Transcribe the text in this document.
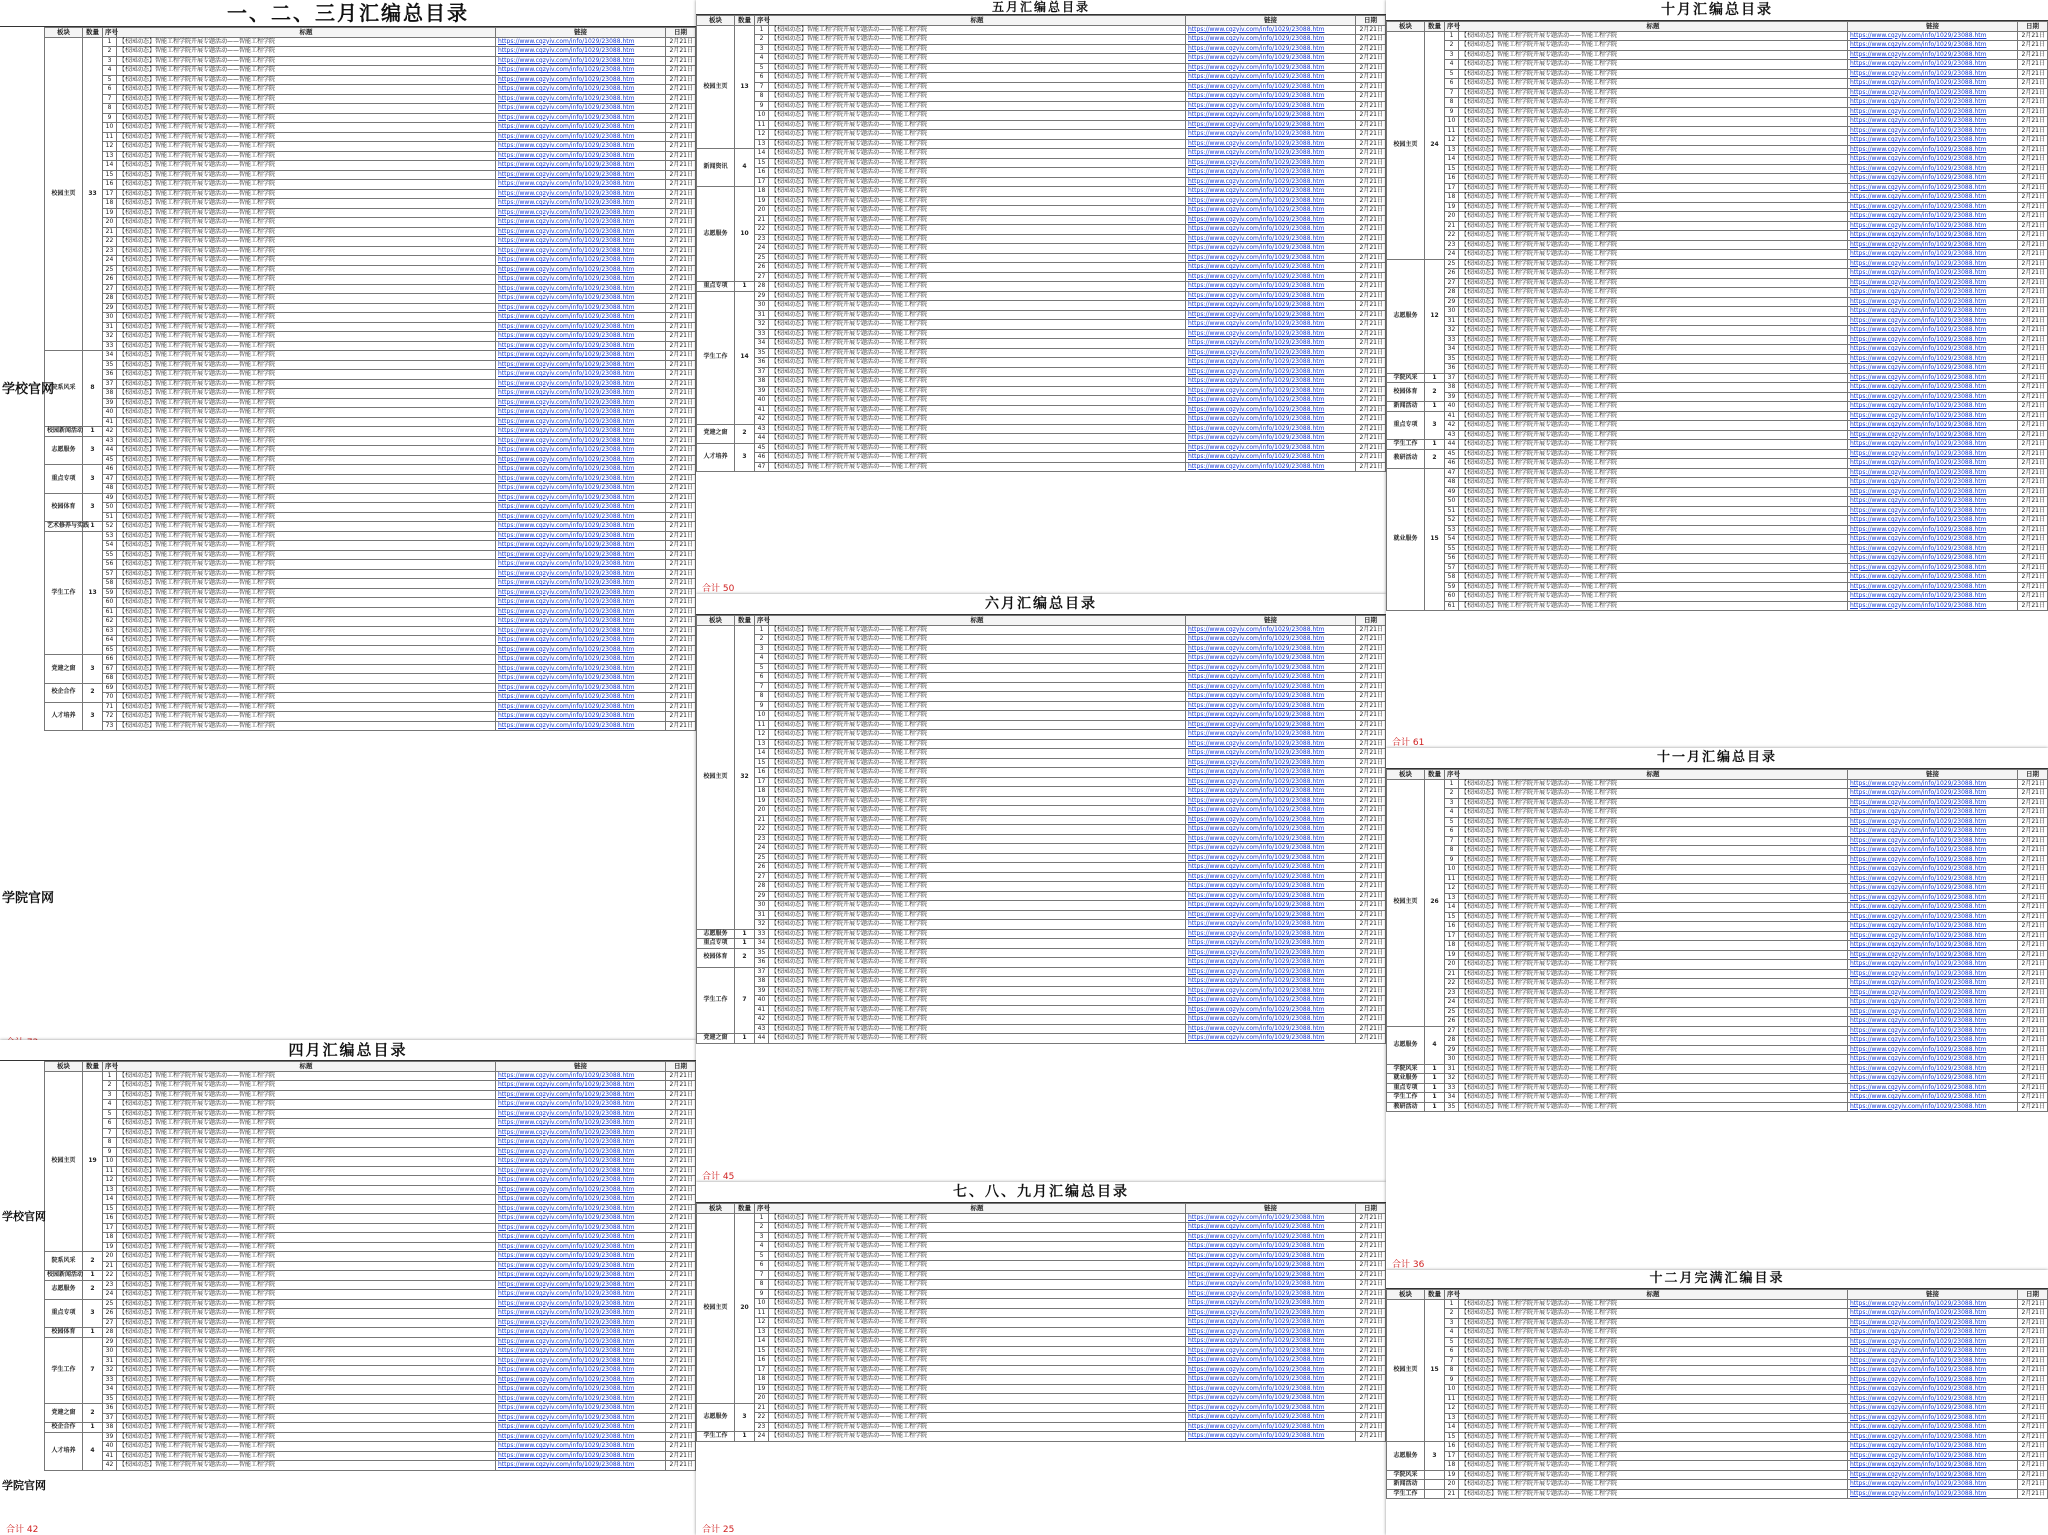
一、二、三月汇编总目录
板块	数量	序号	标题	链接	日期
校园主页	33	1	【校园动态】智能工程学院开展专题活动——智能工程学院	https://www.cqzyiv.com/info/1029/23088.htm	2月21日
		2	【校园动态】智能工程学院开展专题活动——智能工程学院	https://www.cqzyiv.com/info/1029/23088.htm	2月21日
		3	【校园动态】智能工程学院开展专题活动——智能工程学院	https://www.cqzyiv.com/info/1029/23088.htm	2月21日
		4	【校园动态】智能工程学院开展专题活动——智能工程学院	https://www.cqzyiv.com/info/1029/23088.htm	2月21日
		5	【校园动态】智能工程学院开展专题活动——智能工程学院	https://www.cqzyiv.com/info/1029/23088.htm	2月21日
		6	【校园动态】智能工程学院开展专题活动——智能工程学院	https://www.cqzyiv.com/info/1029/23088.htm	2月21日
		7	【校园动态】智能工程学院开展专题活动——智能工程学院	https://www.cqzyiv.com/info/1029/23088.htm	2月21日
		8	【校园动态】智能工程学院开展专题活动——智能工程学院	https://www.cqzyiv.com/info/1029/23088.htm	2月21日
		9	【校园动态】智能工程学院开展专题活动——智能工程学院	https://www.cqzyiv.com/info/1029/23088.htm	2月21日
		10	【校园动态】智能工程学院开展专题活动——智能工程学院	https://www.cqzyiv.com/info/1029/23088.htm	2月21日
		11	【校园动态】智能工程学院开展专题活动——智能工程学院	https://www.cqzyiv.com/info/1029/23088.htm	2月21日
		12	【校园动态】智能工程学院开展专题活动——智能工程学院	https://www.cqzyiv.com/info/1029/23088.htm	2月21日
		13	【校园动态】智能工程学院开展专题活动——智能工程学院	https://www.cqzyiv.com/info/1029/23088.htm	2月21日
		14	【校园动态】智能工程学院开展专题活动——智能工程学院	https://www.cqzyiv.com/info/1029/23088.htm	2月21日
		15	【校园动态】智能工程学院开展专题活动——智能工程学院	https://www.cqzyiv.com/info/1029/23088.htm	2月21日
		16	【校园动态】智能工程学院开展专题活动——智能工程学院	https://www.cqzyiv.com/info/1029/23088.htm	2月21日
		17	【校园动态】智能工程学院开展专题活动——智能工程学院	https://www.cqzyiv.com/info/1029/23088.htm	2月21日
		18	【校园动态】智能工程学院开展专题活动——智能工程学院	https://www.cqzyiv.com/info/1029/23088.htm	2月21日
		19	【校园动态】智能工程学院开展专题活动——智能工程学院	https://www.cqzyiv.com/info/1029/23088.htm	2月21日
		20	【校园动态】智能工程学院开展专题活动——智能工程学院	https://www.cqzyiv.com/info/1029/23088.htm	2月21日
		21	【校园动态】智能工程学院开展专题活动——智能工程学院	https://www.cqzyiv.com/info/1029/23088.htm	2月21日
		22	【校园动态】智能工程学院开展专题活动——智能工程学院	https://www.cqzyiv.com/info/1029/23088.htm	2月21日
		23	【校园动态】智能工程学院开展专题活动——智能工程学院	https://www.cqzyiv.com/info/1029/23088.htm	2月21日
		24	【校园动态】智能工程学院开展专题活动——智能工程学院	https://www.cqzyiv.com/info/1029/23088.htm	2月21日
		25	【校园动态】智能工程学院开展专题活动——智能工程学院	https://www.cqzyiv.com/info/1029/23088.htm	2月21日
		26	【校园动态】智能工程学院开展专题活动——智能工程学院	https://www.cqzyiv.com/info/1029/23088.htm	2月21日
		27	【校园动态】智能工程学院开展专题活动——智能工程学院	https://www.cqzyiv.com/info/1029/23088.htm	2月21日
		28	【校园动态】智能工程学院开展专题活动——智能工程学院	https://www.cqzyiv.com/info/1029/23088.htm	2月21日
		29	【校园动态】智能工程学院开展专题活动——智能工程学院	https://www.cqzyiv.com/info/1029/23088.htm	2月21日
		30	【校园动态】智能工程学院开展专题活动——智能工程学院	https://www.cqzyiv.com/info/1029/23088.htm	2月21日
		31	【校园动态】智能工程学院开展专题活动——智能工程学院	https://www.cqzyiv.com/info/1029/23088.htm	2月21日
		32	【校园动态】智能工程学院开展专题活动——智能工程学院	https://www.cqzyiv.com/info/1029/23088.htm	2月21日
		33	【校园动态】智能工程学院开展专题活动——智能工程学院	https://www.cqzyiv.com/info/1029/23088.htm	2月21日
院系风采	8	34	【校园动态】智能工程学院开展专题活动——智能工程学院	https://www.cqzyiv.com/info/1029/23088.htm	2月21日
		35	【校园动态】智能工程学院开展专题活动——智能工程学院	https://www.cqzyiv.com/info/1029/23088.htm	2月21日
		36	【校园动态】智能工程学院开展专题活动——智能工程学院	https://www.cqzyiv.com/info/1029/23088.htm	2月21日
		37	【校园动态】智能工程学院开展专题活动——智能工程学院	https://www.cqzyiv.com/info/1029/23088.htm	2月21日
		38	【校园动态】智能工程学院开展专题活动——智能工程学院	https://www.cqzyiv.com/info/1029/23088.htm	2月21日
		39	【校园动态】智能工程学院开展专题活动——智能工程学院	https://www.cqzyiv.com/info/1029/23088.htm	2月21日
		40	【校园动态】智能工程学院开展专题活动——智能工程学院	https://www.cqzyiv.com/info/1029/23088.htm	2月21日
		41	【校园动态】智能工程学院开展专题活动——智能工程学院	https://www.cqzyiv.com/info/1029/23088.htm	2月21日
校园新闻活动	1	42	【校园动态】智能工程学院开展专题活动——智能工程学院	https://www.cqzyiv.com/info/1029/23088.htm	2月21日
志愿服务	3	43	【校园动态】智能工程学院开展专题活动——智能工程学院	https://www.cqzyiv.com/info/1029/23088.htm	2月21日
		44	【校园动态】智能工程学院开展专题活动——智能工程学院	https://www.cqzyiv.com/info/1029/23088.htm	2月21日
		45	【校园动态】智能工程学院开展专题活动——智能工程学院	https://www.cqzyiv.com/info/1029/23088.htm	2月21日
重点专项	3	46	【校园动态】智能工程学院开展专题活动——智能工程学院	https://www.cqzyiv.com/info/1029/23088.htm	2月21日
		47	【校园动态】智能工程学院开展专题活动——智能工程学院	https://www.cqzyiv.com/info/1029/23088.htm	2月21日
		48	【校园动态】智能工程学院开展专题活动——智能工程学院	https://www.cqzyiv.com/info/1029/23088.htm	2月21日
校园体育	3	49	【校园动态】智能工程学院开展专题活动——智能工程学院	https://www.cqzyiv.com/info/1029/23088.htm	2月21日
		50	【校园动态】智能工程学院开展专题活动——智能工程学院	https://www.cqzyiv.com/info/1029/23088.htm	2月21日
		51	【校园动态】智能工程学院开展专题活动——智能工程学院	https://www.cqzyiv.com/info/1029/23088.htm	2月21日
艺术修养与实践	1	52	【校园动态】智能工程学院开展专题活动——智能工程学院	https://www.cqzyiv.com/info/1029/23088.htm	2月21日
学生工作	13	53	【校园动态】智能工程学院开展专题活动——智能工程学院	https://www.cqzyiv.com/info/1029/23088.htm	2月21日
		54	【校园动态】智能工程学院开展专题活动——智能工程学院	https://www.cqzyiv.com/info/1029/23088.htm	2月21日
		55	【校园动态】智能工程学院开展专题活动——智能工程学院	https://www.cqzyiv.com/info/1029/23088.htm	2月21日
		56	【校园动态】智能工程学院开展专题活动——智能工程学院	https://www.cqzyiv.com/info/1029/23088.htm	2月21日
		57	【校园动态】智能工程学院开展专题活动——智能工程学院	https://www.cqzyiv.com/info/1029/23088.htm	2月21日
		58	【校园动态】智能工程学院开展专题活动——智能工程学院	https://www.cqzyiv.com/info/1029/23088.htm	2月21日
		59	【校园动态】智能工程学院开展专题活动——智能工程学院	https://www.cqzyiv.com/info/1029/23088.htm	2月21日
		60	【校园动态】智能工程学院开展专题活动——智能工程学院	https://www.cqzyiv.com/info/1029/23088.htm	2月21日
		61	【校园动态】智能工程学院开展专题活动——智能工程学院	https://www.cqzyiv.com/info/1029/23088.htm	2月21日
		62	【校园动态】智能工程学院开展专题活动——智能工程学院	https://www.cqzyiv.com/info/1029/23088.htm	2月21日
		63	【校园动态】智能工程学院开展专题活动——智能工程学院	https://www.cqzyiv.com/info/1029/23088.htm	2月21日
		64	【校园动态】智能工程学院开展专题活动——智能工程学院	https://www.cqzyiv.com/info/1029/23088.htm	2月21日
		65	【校园动态】智能工程学院开展专题活动——智能工程学院	https://www.cqzyiv.com/info/1029/23088.htm	2月21日
党建之窗	3	66	【校园动态】智能工程学院开展专题活动——智能工程学院	https://www.cqzyiv.com/info/1029/23088.htm	2月21日
		67	【校园动态】智能工程学院开展专题活动——智能工程学院	https://www.cqzyiv.com/info/1029/23088.htm	2月21日
		68	【校园动态】智能工程学院开展专题活动——智能工程学院	https://www.cqzyiv.com/info/1029/23088.htm	2月21日
校企合作	2	69	【校园动态】智能工程学院开展专题活动——智能工程学院	https://www.cqzyiv.com/info/1029/23088.htm	2月21日
		70	【校园动态】智能工程学院开展专题活动——智能工程学院	https://www.cqzyiv.com/info/1029/23088.htm	2月21日
人才培养	3	71	【校园动态】智能工程学院开展专题活动——智能工程学院	https://www.cqzyiv.com/info/1029/23088.htm	2月21日
		72	【校园动态】智能工程学院开展专题活动——智能工程学院	https://www.cqzyiv.com/info/1029/23088.htm	2月21日
		73	【校园动态】智能工程学院开展专题活动——智能工程学院	https://www.cqzyiv.com/info/1029/23088.htm	2月21日
学校官网
学院官网
四月汇编总目录
板块	数量	序号	标题	链接	日期
校园主页	19	1	【校园动态】智能工程学院开展专题活动——智能工程学院	https://www.cqzyiv.com/info/1029/23088.htm	2月21日
		2	【校园动态】智能工程学院开展专题活动——智能工程学院	https://www.cqzyiv.com/info/1029/23088.htm	2月21日
		3	【校园动态】智能工程学院开展专题活动——智能工程学院	https://www.cqzyiv.com/info/1029/23088.htm	2月21日
		4	【校园动态】智能工程学院开展专题活动——智能工程学院	https://www.cqzyiv.com/info/1029/23088.htm	2月21日
		5	【校园动态】智能工程学院开展专题活动——智能工程学院	https://www.cqzyiv.com/info/1029/23088.htm	2月21日
		6	【校园动态】智能工程学院开展专题活动——智能工程学院	https://www.cqzyiv.com/info/1029/23088.htm	2月21日
		7	【校园动态】智能工程学院开展专题活动——智能工程学院	https://www.cqzyiv.com/info/1029/23088.htm	2月21日
		8	【校园动态】智能工程学院开展专题活动——智能工程学院	https://www.cqzyiv.com/info/1029/23088.htm	2月21日
		9	【校园动态】智能工程学院开展专题活动——智能工程学院	https://www.cqzyiv.com/info/1029/23088.htm	2月21日
		10	【校园动态】智能工程学院开展专题活动——智能工程学院	https://www.cqzyiv.com/info/1029/23088.htm	2月21日
		11	【校园动态】智能工程学院开展专题活动——智能工程学院	https://www.cqzyiv.com/info/1029/23088.htm	2月21日
		12	【校园动态】智能工程学院开展专题活动——智能工程学院	https://www.cqzyiv.com/info/1029/23088.htm	2月21日
		13	【校园动态】智能工程学院开展专题活动——智能工程学院	https://www.cqzyiv.com/info/1029/23088.htm	2月21日
		14	【校园动态】智能工程学院开展专题活动——智能工程学院	https://www.cqzyiv.com/info/1029/23088.htm	2月21日
		15	【校园动态】智能工程学院开展专题活动——智能工程学院	https://www.cqzyiv.com/info/1029/23088.htm	2月21日
		16	【校园动态】智能工程学院开展专题活动——智能工程学院	https://www.cqzyiv.com/info/1029/23088.htm	2月21日
		17	【校园动态】智能工程学院开展专题活动——智能工程学院	https://www.cqzyiv.com/info/1029/23088.htm	2月21日
		18	【校园动态】智能工程学院开展专题活动——智能工程学院	https://www.cqzyiv.com/info/1029/23088.htm	2月21日
		19	【校园动态】智能工程学院开展专题活动——智能工程学院	https://www.cqzyiv.com/info/1029/23088.htm	2月21日
院系风采	2	20	【校园动态】智能工程学院开展专题活动——智能工程学院	https://www.cqzyiv.com/info/1029/23088.htm	2月21日
		21	【校园动态】智能工程学院开展专题活动——智能工程学院	https://www.cqzyiv.com/info/1029/23088.htm	2月21日
校园新闻活动	1	22	【校园动态】智能工程学院开展专题活动——智能工程学院	https://www.cqzyiv.com/info/1029/23088.htm	2月21日
志愿服务	2	23	【校园动态】智能工程学院开展专题活动——智能工程学院	https://www.cqzyiv.com/info/1029/23088.htm	2月21日
		24	【校园动态】智能工程学院开展专题活动——智能工程学院	https://www.cqzyiv.com/info/1029/23088.htm	2月21日
重点专项	3	25	【校园动态】智能工程学院开展专题活动——智能工程学院	https://www.cqzyiv.com/info/1029/23088.htm	2月21日
		26	【校园动态】智能工程学院开展专题活动——智能工程学院	https://www.cqzyiv.com/info/1029/23088.htm	2月21日
		27	【校园动态】智能工程学院开展专题活动——智能工程学院	https://www.cqzyiv.com/info/1029/23088.htm	2月21日
校园体育	1	28	【校园动态】智能工程学院开展专题活动——智能工程学院	https://www.cqzyiv.com/info/1029/23088.htm	2月21日
学生工作	7	29	【校园动态】智能工程学院开展专题活动——智能工程学院	https://www.cqzyiv.com/info/1029/23088.htm	2月21日
		30	【校园动态】智能工程学院开展专题活动——智能工程学院	https://www.cqzyiv.com/info/1029/23088.htm	2月21日
		31	【校园动态】智能工程学院开展专题活动——智能工程学院	https://www.cqzyiv.com/info/1029/23088.htm	2月21日
		32	【校园动态】智能工程学院开展专题活动——智能工程学院	https://www.cqzyiv.com/info/1029/23088.htm	2月21日
		33	【校园动态】智能工程学院开展专题活动——智能工程学院	https://www.cqzyiv.com/info/1029/23088.htm	2月21日
		34	【校园动态】智能工程学院开展专题活动——智能工程学院	https://www.cqzyiv.com/info/1029/23088.htm	2月21日
		35	【校园动态】智能工程学院开展专题活动——智能工程学院	https://www.cqzyiv.com/info/1029/23088.htm	2月21日
党建之窗	2	36	【校园动态】智能工程学院开展专题活动——智能工程学院	https://www.cqzyiv.com/info/1029/23088.htm	2月21日
		37	【校园动态】智能工程学院开展专题活动——智能工程学院	https://www.cqzyiv.com/info/1029/23088.htm	2月21日
校企合作	1	38	【校园动态】智能工程学院开展专题活动——智能工程学院	https://www.cqzyiv.com/info/1029/23088.htm	2月21日
人才培养	4	39	【校园动态】智能工程学院开展专题活动——智能工程学院	https://www.cqzyiv.com/info/1029/23088.htm	2月21日
		40	【校园动态】智能工程学院开展专题活动——智能工程学院	https://www.cqzyiv.com/info/1029/23088.htm	2月21日
		41	【校园动态】智能工程学院开展专题活动——智能工程学院	https://www.cqzyiv.com/info/1029/23088.htm	2月21日
		42	【校园动态】智能工程学院开展专题活动——智能工程学院	https://www.cqzyiv.com/info/1029/23088.htm	2月21日
学校官网
学院官网
合计 42
五月汇编总目录
板块	数量	序号	标题	链接	日期
校园主页	13	1	【校园动态】智能工程学院开展专题活动——智能工程学院	https://www.cqzyiv.com/info/1029/23088.htm	2月21日
		2	【校园动态】智能工程学院开展专题活动——智能工程学院	https://www.cqzyiv.com/info/1029/23088.htm	2月21日
		3	【校园动态】智能工程学院开展专题活动——智能工程学院	https://www.cqzyiv.com/info/1029/23088.htm	2月21日
		4	【校园动态】智能工程学院开展专题活动——智能工程学院	https://www.cqzyiv.com/info/1029/23088.htm	2月21日
		5	【校园动态】智能工程学院开展专题活动——智能工程学院	https://www.cqzyiv.com/info/1029/23088.htm	2月21日
		6	【校园动态】智能工程学院开展专题活动——智能工程学院	https://www.cqzyiv.com/info/1029/23088.htm	2月21日
		7	【校园动态】智能工程学院开展专题活动——智能工程学院	https://www.cqzyiv.com/info/1029/23088.htm	2月21日
		8	【校园动态】智能工程学院开展专题活动——智能工程学院	https://www.cqzyiv.com/info/1029/23088.htm	2月21日
		9	【校园动态】智能工程学院开展专题活动——智能工程学院	https://www.cqzyiv.com/info/1029/23088.htm	2月21日
		10	【校园动态】智能工程学院开展专题活动——智能工程学院	https://www.cqzyiv.com/info/1029/23088.htm	2月21日
		11	【校园动态】智能工程学院开展专题活动——智能工程学院	https://www.cqzyiv.com/info/1029/23088.htm	2月21日
		12	【校园动态】智能工程学院开展专题活动——智能工程学院	https://www.cqzyiv.com/info/1029/23088.htm	2月21日
		13	【校园动态】智能工程学院开展专题活动——智能工程学院	https://www.cqzyiv.com/info/1029/23088.htm	2月21日
新闻资讯	4	14	【校园动态】智能工程学院开展专题活动——智能工程学院	https://www.cqzyiv.com/info/1029/23088.htm	2月21日
		15	【校园动态】智能工程学院开展专题活动——智能工程学院	https://www.cqzyiv.com/info/1029/23088.htm	2月21日
		16	【校园动态】智能工程学院开展专题活动——智能工程学院	https://www.cqzyiv.com/info/1029/23088.htm	2月21日
		17	【校园动态】智能工程学院开展专题活动——智能工程学院	https://www.cqzyiv.com/info/1029/23088.htm	2月21日
志愿服务	10	18	【校园动态】智能工程学院开展专题活动——智能工程学院	https://www.cqzyiv.com/info/1029/23088.htm	2月21日
		19	【校园动态】智能工程学院开展专题活动——智能工程学院	https://www.cqzyiv.com/info/1029/23088.htm	2月21日
		20	【校园动态】智能工程学院开展专题活动——智能工程学院	https://www.cqzyiv.com/info/1029/23088.htm	2月21日
		21	【校园动态】智能工程学院开展专题活动——智能工程学院	https://www.cqzyiv.com/info/1029/23088.htm	2月21日
		22	【校园动态】智能工程学院开展专题活动——智能工程学院	https://www.cqzyiv.com/info/1029/23088.htm	2月21日
		23	【校园动态】智能工程学院开展专题活动——智能工程学院	https://www.cqzyiv.com/info/1029/23088.htm	2月21日
		24	【校园动态】智能工程学院开展专题活动——智能工程学院	https://www.cqzyiv.com/info/1029/23088.htm	2月21日
		25	【校园动态】智能工程学院开展专题活动——智能工程学院	https://www.cqzyiv.com/info/1029/23088.htm	2月21日
		26	【校园动态】智能工程学院开展专题活动——智能工程学院	https://www.cqzyiv.com/info/1029/23088.htm	2月21日
		27	【校园动态】智能工程学院开展专题活动——智能工程学院	https://www.cqzyiv.com/info/1029/23088.htm	2月21日
重点专项	1	28	【校园动态】智能工程学院开展专题活动——智能工程学院	https://www.cqzyiv.com/info/1029/23088.htm	2月21日
学生工作	14	29	【校园动态】智能工程学院开展专题活动——智能工程学院	https://www.cqzyiv.com/info/1029/23088.htm	2月21日
		30	【校园动态】智能工程学院开展专题活动——智能工程学院	https://www.cqzyiv.com/info/1029/23088.htm	2月21日
		31	【校园动态】智能工程学院开展专题活动——智能工程学院	https://www.cqzyiv.com/info/1029/23088.htm	2月21日
		32	【校园动态】智能工程学院开展专题活动——智能工程学院	https://www.cqzyiv.com/info/1029/23088.htm	2月21日
		33	【校园动态】智能工程学院开展专题活动——智能工程学院	https://www.cqzyiv.com/info/1029/23088.htm	2月21日
		34	【校园动态】智能工程学院开展专题活动——智能工程学院	https://www.cqzyiv.com/info/1029/23088.htm	2月21日
		35	【校园动态】智能工程学院开展专题活动——智能工程学院	https://www.cqzyiv.com/info/1029/23088.htm	2月21日
		36	【校园动态】智能工程学院开展专题活动——智能工程学院	https://www.cqzyiv.com/info/1029/23088.htm	2月21日
		37	【校园动态】智能工程学院开展专题活动——智能工程学院	https://www.cqzyiv.com/info/1029/23088.htm	2月21日
		38	【校园动态】智能工程学院开展专题活动——智能工程学院	https://www.cqzyiv.com/info/1029/23088.htm	2月21日
		39	【校园动态】智能工程学院开展专题活动——智能工程学院	https://www.cqzyiv.com/info/1029/23088.htm	2月21日
		40	【校园动态】智能工程学院开展专题活动——智能工程学院	https://www.cqzyiv.com/info/1029/23088.htm	2月21日
		41	【校园动态】智能工程学院开展专题活动——智能工程学院	https://www.cqzyiv.com/info/1029/23088.htm	2月21日
		42	【校园动态】智能工程学院开展专题活动——智能工程学院	https://www.cqzyiv.com/info/1029/23088.htm	2月21日
党建之窗	2	43	【校园动态】智能工程学院开展专题活动——智能工程学院	https://www.cqzyiv.com/info/1029/23088.htm	2月21日
		44	【校园动态】智能工程学院开展专题活动——智能工程学院	https://www.cqzyiv.com/info/1029/23088.htm	2月21日
人才培养	3	45	【校园动态】智能工程学院开展专题活动——智能工程学院	https://www.cqzyiv.com/info/1029/23088.htm	2月21日
		46	【校园动态】智能工程学院开展专题活动——智能工程学院	https://www.cqzyiv.com/info/1029/23088.htm	2月21日
		47	【校园动态】智能工程学院开展专题活动——智能工程学院	https://www.cqzyiv.com/info/1029/23088.htm	2月21日
合计 50
六月汇编总目录
板块	数量	序号	标题	链接	日期
校园主页	32	1	【校园动态】智能工程学院开展专题活动——智能工程学院	https://www.cqzyiv.com/info/1029/23088.htm	2月21日
		2	【校园动态】智能工程学院开展专题活动——智能工程学院	https://www.cqzyiv.com/info/1029/23088.htm	2月21日
		3	【校园动态】智能工程学院开展专题活动——智能工程学院	https://www.cqzyiv.com/info/1029/23088.htm	2月21日
		4	【校园动态】智能工程学院开展专题活动——智能工程学院	https://www.cqzyiv.com/info/1029/23088.htm	2月21日
		5	【校园动态】智能工程学院开展专题活动——智能工程学院	https://www.cqzyiv.com/info/1029/23088.htm	2月21日
		6	【校园动态】智能工程学院开展专题活动——智能工程学院	https://www.cqzyiv.com/info/1029/23088.htm	2月21日
		7	【校园动态】智能工程学院开展专题活动——智能工程学院	https://www.cqzyiv.com/info/1029/23088.htm	2月21日
		8	【校园动态】智能工程学院开展专题活动——智能工程学院	https://www.cqzyiv.com/info/1029/23088.htm	2月21日
		9	【校园动态】智能工程学院开展专题活动——智能工程学院	https://www.cqzyiv.com/info/1029/23088.htm	2月21日
		10	【校园动态】智能工程学院开展专题活动——智能工程学院	https://www.cqzyiv.com/info/1029/23088.htm	2月21日
		11	【校园动态】智能工程学院开展专题活动——智能工程学院	https://www.cqzyiv.com/info/1029/23088.htm	2月21日
		12	【校园动态】智能工程学院开展专题活动——智能工程学院	https://www.cqzyiv.com/info/1029/23088.htm	2月21日
		13	【校园动态】智能工程学院开展专题活动——智能工程学院	https://www.cqzyiv.com/info/1029/23088.htm	2月21日
		14	【校园动态】智能工程学院开展专题活动——智能工程学院	https://www.cqzyiv.com/info/1029/23088.htm	2月21日
		15	【校园动态】智能工程学院开展专题活动——智能工程学院	https://www.cqzyiv.com/info/1029/23088.htm	2月21日
		16	【校园动态】智能工程学院开展专题活动——智能工程学院	https://www.cqzyiv.com/info/1029/23088.htm	2月21日
		17	【校园动态】智能工程学院开展专题活动——智能工程学院	https://www.cqzyiv.com/info/1029/23088.htm	2月21日
		18	【校园动态】智能工程学院开展专题活动——智能工程学院	https://www.cqzyiv.com/info/1029/23088.htm	2月21日
		19	【校园动态】智能工程学院开展专题活动——智能工程学院	https://www.cqzyiv.com/info/1029/23088.htm	2月21日
		20	【校园动态】智能工程学院开展专题活动——智能工程学院	https://www.cqzyiv.com/info/1029/23088.htm	2月21日
		21	【校园动态】智能工程学院开展专题活动——智能工程学院	https://www.cqzyiv.com/info/1029/23088.htm	2月21日
		22	【校园动态】智能工程学院开展专题活动——智能工程学院	https://www.cqzyiv.com/info/1029/23088.htm	2月21日
		23	【校园动态】智能工程学院开展专题活动——智能工程学院	https://www.cqzyiv.com/info/1029/23088.htm	2月21日
		24	【校园动态】智能工程学院开展专题活动——智能工程学院	https://www.cqzyiv.com/info/1029/23088.htm	2月21日
		25	【校园动态】智能工程学院开展专题活动——智能工程学院	https://www.cqzyiv.com/info/1029/23088.htm	2月21日
		26	【校园动态】智能工程学院开展专题活动——智能工程学院	https://www.cqzyiv.com/info/1029/23088.htm	2月21日
		27	【校园动态】智能工程学院开展专题活动——智能工程学院	https://www.cqzyiv.com/info/1029/23088.htm	2月21日
		28	【校园动态】智能工程学院开展专题活动——智能工程学院	https://www.cqzyiv.com/info/1029/23088.htm	2月21日
		29	【校园动态】智能工程学院开展专题活动——智能工程学院	https://www.cqzyiv.com/info/1029/23088.htm	2月21日
		30	【校园动态】智能工程学院开展专题活动——智能工程学院	https://www.cqzyiv.com/info/1029/23088.htm	2月21日
		31	【校园动态】智能工程学院开展专题活动——智能工程学院	https://www.cqzyiv.com/info/1029/23088.htm	2月21日
		32	【校园动态】智能工程学院开展专题活动——智能工程学院	https://www.cqzyiv.com/info/1029/23088.htm	2月21日
志愿服务	1	33	【校园动态】智能工程学院开展专题活动——智能工程学院	https://www.cqzyiv.com/info/1029/23088.htm	2月21日
重点专项	1	34	【校园动态】智能工程学院开展专题活动——智能工程学院	https://www.cqzyiv.com/info/1029/23088.htm	2月21日
校园体育	2	35	【校园动态】智能工程学院开展专题活动——智能工程学院	https://www.cqzyiv.com/info/1029/23088.htm	2月21日
		36	【校园动态】智能工程学院开展专题活动——智能工程学院	https://www.cqzyiv.com/info/1029/23088.htm	2月21日
学生工作	7	37	【校园动态】智能工程学院开展专题活动——智能工程学院	https://www.cqzyiv.com/info/1029/23088.htm	2月21日
		38	【校园动态】智能工程学院开展专题活动——智能工程学院	https://www.cqzyiv.com/info/1029/23088.htm	2月21日
		39	【校园动态】智能工程学院开展专题活动——智能工程学院	https://www.cqzyiv.com/info/1029/23088.htm	2月21日
		40	【校园动态】智能工程学院开展专题活动——智能工程学院	https://www.cqzyiv.com/info/1029/23088.htm	2月21日
		41	【校园动态】智能工程学院开展专题活动——智能工程学院	https://www.cqzyiv.com/info/1029/23088.htm	2月21日
		42	【校园动态】智能工程学院开展专题活动——智能工程学院	https://www.cqzyiv.com/info/1029/23088.htm	2月21日
		43	【校园动态】智能工程学院开展专题活动——智能工程学院	https://www.cqzyiv.com/info/1029/23088.htm	2月21日
党建之窗	1	44	【校园动态】智能工程学院开展专题活动——智能工程学院	https://www.cqzyiv.com/info/1029/23088.htm	2月21日
合计 45
七、八、九月汇编总目录
板块	数量	序号	标题	链接	日期
校园主页	20	1	【校园动态】智能工程学院开展专题活动——智能工程学院	https://www.cqzyiv.com/info/1029/23088.htm	2月21日
		2	【校园动态】智能工程学院开展专题活动——智能工程学院	https://www.cqzyiv.com/info/1029/23088.htm	2月21日
		3	【校园动态】智能工程学院开展专题活动——智能工程学院	https://www.cqzyiv.com/info/1029/23088.htm	2月21日
		4	【校园动态】智能工程学院开展专题活动——智能工程学院	https://www.cqzyiv.com/info/1029/23088.htm	2月21日
		5	【校园动态】智能工程学院开展专题活动——智能工程学院	https://www.cqzyiv.com/info/1029/23088.htm	2月21日
		6	【校园动态】智能工程学院开展专题活动——智能工程学院	https://www.cqzyiv.com/info/1029/23088.htm	2月21日
		7	【校园动态】智能工程学院开展专题活动——智能工程学院	https://www.cqzyiv.com/info/1029/23088.htm	2月21日
		8	【校园动态】智能工程学院开展专题活动——智能工程学院	https://www.cqzyiv.com/info/1029/23088.htm	2月21日
		9	【校园动态】智能工程学院开展专题活动——智能工程学院	https://www.cqzyiv.com/info/1029/23088.htm	2月21日
		10	【校园动态】智能工程学院开展专题活动——智能工程学院	https://www.cqzyiv.com/info/1029/23088.htm	2月21日
		11	【校园动态】智能工程学院开展专题活动——智能工程学院	https://www.cqzyiv.com/info/1029/23088.htm	2月21日
		12	【校园动态】智能工程学院开展专题活动——智能工程学院	https://www.cqzyiv.com/info/1029/23088.htm	2月21日
		13	【校园动态】智能工程学院开展专题活动——智能工程学院	https://www.cqzyiv.com/info/1029/23088.htm	2月21日
		14	【校园动态】智能工程学院开展专题活动——智能工程学院	https://www.cqzyiv.com/info/1029/23088.htm	2月21日
		15	【校园动态】智能工程学院开展专题活动——智能工程学院	https://www.cqzyiv.com/info/1029/23088.htm	2月21日
		16	【校园动态】智能工程学院开展专题活动——智能工程学院	https://www.cqzyiv.com/info/1029/23088.htm	2月21日
		17	【校园动态】智能工程学院开展专题活动——智能工程学院	https://www.cqzyiv.com/info/1029/23088.htm	2月21日
		18	【校园动态】智能工程学院开展专题活动——智能工程学院	https://www.cqzyiv.com/info/1029/23088.htm	2月21日
		19	【校园动态】智能工程学院开展专题活动——智能工程学院	https://www.cqzyiv.com/info/1029/23088.htm	2月21日
		20	【校园动态】智能工程学院开展专题活动——智能工程学院	https://www.cqzyiv.com/info/1029/23088.htm	2月21日
志愿服务	3	21	【校园动态】智能工程学院开展专题活动——智能工程学院	https://www.cqzyiv.com/info/1029/23088.htm	2月21日
		22	【校园动态】智能工程学院开展专题活动——智能工程学院	https://www.cqzyiv.com/info/1029/23088.htm	2月21日
		23	【校园动态】智能工程学院开展专题活动——智能工程学院	https://www.cqzyiv.com/info/1029/23088.htm	2月21日
学生工作	1	24	【校园动态】智能工程学院开展专题活动——智能工程学院	https://www.cqzyiv.com/info/1029/23088.htm	2月21日
合计 25
十月汇编总目录
板块	数量	序号	标题	链接	日期
校园主页	24	1	【校园动态】智能工程学院开展专题活动——智能工程学院	https://www.cqzyiv.com/info/1029/23088.htm	2月21日
		2	【校园动态】智能工程学院开展专题活动——智能工程学院	https://www.cqzyiv.com/info/1029/23088.htm	2月21日
		3	【校园动态】智能工程学院开展专题活动——智能工程学院	https://www.cqzyiv.com/info/1029/23088.htm	2月21日
		4	【校园动态】智能工程学院开展专题活动——智能工程学院	https://www.cqzyiv.com/info/1029/23088.htm	2月21日
		5	【校园动态】智能工程学院开展专题活动——智能工程学院	https://www.cqzyiv.com/info/1029/23088.htm	2月21日
		6	【校园动态】智能工程学院开展专题活动——智能工程学院	https://www.cqzyiv.com/info/1029/23088.htm	2月21日
		7	【校园动态】智能工程学院开展专题活动——智能工程学院	https://www.cqzyiv.com/info/1029/23088.htm	2月21日
		8	【校园动态】智能工程学院开展专题活动——智能工程学院	https://www.cqzyiv.com/info/1029/23088.htm	2月21日
		9	【校园动态】智能工程学院开展专题活动——智能工程学院	https://www.cqzyiv.com/info/1029/23088.htm	2月21日
		10	【校园动态】智能工程学院开展专题活动——智能工程学院	https://www.cqzyiv.com/info/1029/23088.htm	2月21日
		11	【校园动态】智能工程学院开展专题活动——智能工程学院	https://www.cqzyiv.com/info/1029/23088.htm	2月21日
		12	【校园动态】智能工程学院开展专题活动——智能工程学院	https://www.cqzyiv.com/info/1029/23088.htm	2月21日
		13	【校园动态】智能工程学院开展专题活动——智能工程学院	https://www.cqzyiv.com/info/1029/23088.htm	2月21日
		14	【校园动态】智能工程学院开展专题活动——智能工程学院	https://www.cqzyiv.com/info/1029/23088.htm	2月21日
		15	【校园动态】智能工程学院开展专题活动——智能工程学院	https://www.cqzyiv.com/info/1029/23088.htm	2月21日
		16	【校园动态】智能工程学院开展专题活动——智能工程学院	https://www.cqzyiv.com/info/1029/23088.htm	2月21日
		17	【校园动态】智能工程学院开展专题活动——智能工程学院	https://www.cqzyiv.com/info/1029/23088.htm	2月21日
		18	【校园动态】智能工程学院开展专题活动——智能工程学院	https://www.cqzyiv.com/info/1029/23088.htm	2月21日
		19	【校园动态】智能工程学院开展专题活动——智能工程学院	https://www.cqzyiv.com/info/1029/23088.htm	2月21日
		20	【校园动态】智能工程学院开展专题活动——智能工程学院	https://www.cqzyiv.com/info/1029/23088.htm	2月21日
		21	【校园动态】智能工程学院开展专题活动——智能工程学院	https://www.cqzyiv.com/info/1029/23088.htm	2月21日
		22	【校园动态】智能工程学院开展专题活动——智能工程学院	https://www.cqzyiv.com/info/1029/23088.htm	2月21日
		23	【校园动态】智能工程学院开展专题活动——智能工程学院	https://www.cqzyiv.com/info/1029/23088.htm	2月21日
		24	【校园动态】智能工程学院开展专题活动——智能工程学院	https://www.cqzyiv.com/info/1029/23088.htm	2月21日
志愿服务	12	25	【校园动态】智能工程学院开展专题活动——智能工程学院	https://www.cqzyiv.com/info/1029/23088.htm	2月21日
		26	【校园动态】智能工程学院开展专题活动——智能工程学院	https://www.cqzyiv.com/info/1029/23088.htm	2月21日
		27	【校园动态】智能工程学院开展专题活动——智能工程学院	https://www.cqzyiv.com/info/1029/23088.htm	2月21日
		28	【校园动态】智能工程学院开展专题活动——智能工程学院	https://www.cqzyiv.com/info/1029/23088.htm	2月21日
		29	【校园动态】智能工程学院开展专题活动——智能工程学院	https://www.cqzyiv.com/info/1029/23088.htm	2月21日
		30	【校园动态】智能工程学院开展专题活动——智能工程学院	https://www.cqzyiv.com/info/1029/23088.htm	2月21日
		31	【校园动态】智能工程学院开展专题活动——智能工程学院	https://www.cqzyiv.com/info/1029/23088.htm	2月21日
		32	【校园动态】智能工程学院开展专题活动——智能工程学院	https://www.cqzyiv.com/info/1029/23088.htm	2月21日
		33	【校园动态】智能工程学院开展专题活动——智能工程学院	https://www.cqzyiv.com/info/1029/23088.htm	2月21日
		34	【校园动态】智能工程学院开展专题活动——智能工程学院	https://www.cqzyiv.com/info/1029/23088.htm	2月21日
		35	【校园动态】智能工程学院开展专题活动——智能工程学院	https://www.cqzyiv.com/info/1029/23088.htm	2月21日
		36	【校园动态】智能工程学院开展专题活动——智能工程学院	https://www.cqzyiv.com/info/1029/23088.htm	2月21日
学院风采	1	37	【校园动态】智能工程学院开展专题活动——智能工程学院	https://www.cqzyiv.com/info/1029/23088.htm	2月21日
校园体育	2	38	【校园动态】智能工程学院开展专题活动——智能工程学院	https://www.cqzyiv.com/info/1029/23088.htm	2月21日
		39	【校园动态】智能工程学院开展专题活动——智能工程学院	https://www.cqzyiv.com/info/1029/23088.htm	2月21日
新闻活动	1	40	【校园动态】智能工程学院开展专题活动——智能工程学院	https://www.cqzyiv.com/info/1029/23088.htm	2月21日
重点专项	3	41	【校园动态】智能工程学院开展专题活动——智能工程学院	https://www.cqzyiv.com/info/1029/23088.htm	2月21日
		42	【校园动态】智能工程学院开展专题活动——智能工程学院	https://www.cqzyiv.com/info/1029/23088.htm	2月21日
		43	【校园动态】智能工程学院开展专题活动——智能工程学院	https://www.cqzyiv.com/info/1029/23088.htm	2月21日
学生工作	1	44	【校园动态】智能工程学院开展专题活动——智能工程学院	https://www.cqzyiv.com/info/1029/23088.htm	2月21日
教研活动	2	45	【校园动态】智能工程学院开展专题活动——智能工程学院	https://www.cqzyiv.com/info/1029/23088.htm	2月21日
		46	【校园动态】智能工程学院开展专题活动——智能工程学院	https://www.cqzyiv.com/info/1029/23088.htm	2月21日
就业服务	15	47	【校园动态】智能工程学院开展专题活动——智能工程学院	https://www.cqzyiv.com/info/1029/23088.htm	2月21日
		48	【校园动态】智能工程学院开展专题活动——智能工程学院	https://www.cqzyiv.com/info/1029/23088.htm	2月21日
		49	【校园动态】智能工程学院开展专题活动——智能工程学院	https://www.cqzyiv.com/info/1029/23088.htm	2月21日
		50	【校园动态】智能工程学院开展专题活动——智能工程学院	https://www.cqzyiv.com/info/1029/23088.htm	2月21日
		51	【校园动态】智能工程学院开展专题活动——智能工程学院	https://www.cqzyiv.com/info/1029/23088.htm	2月21日
		52	【校园动态】智能工程学院开展专题活动——智能工程学院	https://www.cqzyiv.com/info/1029/23088.htm	2月21日
		53	【校园动态】智能工程学院开展专题活动——智能工程学院	https://www.cqzyiv.com/info/1029/23088.htm	2月21日
		54	【校园动态】智能工程学院开展专题活动——智能工程学院	https://www.cqzyiv.com/info/1029/23088.htm	2月21日
		55	【校园动态】智能工程学院开展专题活动——智能工程学院	https://www.cqzyiv.com/info/1029/23088.htm	2月21日
		56	【校园动态】智能工程学院开展专题活动——智能工程学院	https://www.cqzyiv.com/info/1029/23088.htm	2月21日
		57	【校园动态】智能工程学院开展专题活动——智能工程学院	https://www.cqzyiv.com/info/1029/23088.htm	2月21日
		58	【校园动态】智能工程学院开展专题活动——智能工程学院	https://www.cqzyiv.com/info/1029/23088.htm	2月21日
		59	【校园动态】智能工程学院开展专题活动——智能工程学院	https://www.cqzyiv.com/info/1029/23088.htm	2月21日
		60	【校园动态】智能工程学院开展专题活动——智能工程学院	https://www.cqzyiv.com/info/1029/23088.htm	2月21日
		61	【校园动态】智能工程学院开展专题活动——智能工程学院	https://www.cqzyiv.com/info/1029/23088.htm	2月21日
合计 61
十一月汇编总目录
板块	数量	序号	标题	链接	日期
校园主页	26	1	【校园动态】智能工程学院开展专题活动——智能工程学院	https://www.cqzyiv.com/info/1029/23088.htm	2月21日
		2	【校园动态】智能工程学院开展专题活动——智能工程学院	https://www.cqzyiv.com/info/1029/23088.htm	2月21日
		3	【校园动态】智能工程学院开展专题活动——智能工程学院	https://www.cqzyiv.com/info/1029/23088.htm	2月21日
		4	【校园动态】智能工程学院开展专题活动——智能工程学院	https://www.cqzyiv.com/info/1029/23088.htm	2月21日
		5	【校园动态】智能工程学院开展专题活动——智能工程学院	https://www.cqzyiv.com/info/1029/23088.htm	2月21日
		6	【校园动态】智能工程学院开展专题活动——智能工程学院	https://www.cqzyiv.com/info/1029/23088.htm	2月21日
		7	【校园动态】智能工程学院开展专题活动——智能工程学院	https://www.cqzyiv.com/info/1029/23088.htm	2月21日
		8	【校园动态】智能工程学院开展专题活动——智能工程学院	https://www.cqzyiv.com/info/1029/23088.htm	2月21日
		9	【校园动态】智能工程学院开展专题活动——智能工程学院	https://www.cqzyiv.com/info/1029/23088.htm	2月21日
		10	【校园动态】智能工程学院开展专题活动——智能工程学院	https://www.cqzyiv.com/info/1029/23088.htm	2月21日
		11	【校园动态】智能工程学院开展专题活动——智能工程学院	https://www.cqzyiv.com/info/1029/23088.htm	2月21日
		12	【校园动态】智能工程学院开展专题活动——智能工程学院	https://www.cqzyiv.com/info/1029/23088.htm	2月21日
		13	【校园动态】智能工程学院开展专题活动——智能工程学院	https://www.cqzyiv.com/info/1029/23088.htm	2月21日
		14	【校园动态】智能工程学院开展专题活动——智能工程学院	https://www.cqzyiv.com/info/1029/23088.htm	2月21日
		15	【校园动态】智能工程学院开展专题活动——智能工程学院	https://www.cqzyiv.com/info/1029/23088.htm	2月21日
		16	【校园动态】智能工程学院开展专题活动——智能工程学院	https://www.cqzyiv.com/info/1029/23088.htm	2月21日
		17	【校园动态】智能工程学院开展专题活动——智能工程学院	https://www.cqzyiv.com/info/1029/23088.htm	2月21日
		18	【校园动态】智能工程学院开展专题活动——智能工程学院	https://www.cqzyiv.com/info/1029/23088.htm	2月21日
		19	【校园动态】智能工程学院开展专题活动——智能工程学院	https://www.cqzyiv.com/info/1029/23088.htm	2月21日
		20	【校园动态】智能工程学院开展专题活动——智能工程学院	https://www.cqzyiv.com/info/1029/23088.htm	2月21日
		21	【校园动态】智能工程学院开展专题活动——智能工程学院	https://www.cqzyiv.com/info/1029/23088.htm	2月21日
		22	【校园动态】智能工程学院开展专题活动——智能工程学院	https://www.cqzyiv.com/info/1029/23088.htm	2月21日
		23	【校园动态】智能工程学院开展专题活动——智能工程学院	https://www.cqzyiv.com/info/1029/23088.htm	2月21日
		24	【校园动态】智能工程学院开展专题活动——智能工程学院	https://www.cqzyiv.com/info/1029/23088.htm	2月21日
		25	【校园动态】智能工程学院开展专题活动——智能工程学院	https://www.cqzyiv.com/info/1029/23088.htm	2月21日
		26	【校园动态】智能工程学院开展专题活动——智能工程学院	https://www.cqzyiv.com/info/1029/23088.htm	2月21日
志愿服务	4	27	【校园动态】智能工程学院开展专题活动——智能工程学院	https://www.cqzyiv.com/info/1029/23088.htm	2月21日
		28	【校园动态】智能工程学院开展专题活动——智能工程学院	https://www.cqzyiv.com/info/1029/23088.htm	2月21日
		29	【校园动态】智能工程学院开展专题活动——智能工程学院	https://www.cqzyiv.com/info/1029/23088.htm	2月21日
		30	【校园动态】智能工程学院开展专题活动——智能工程学院	https://www.cqzyiv.com/info/1029/23088.htm	2月21日
学院风采	1	31	【校园动态】智能工程学院开展专题活动——智能工程学院	https://www.cqzyiv.com/info/1029/23088.htm	2月21日
就业服务	1	32	【校园动态】智能工程学院开展专题活动——智能工程学院	https://www.cqzyiv.com/info/1029/23088.htm	2月21日
重点专项	1	33	【校园动态】智能工程学院开展专题活动——智能工程学院	https://www.cqzyiv.com/info/1029/23088.htm	2月21日
学生工作	1	34	【校园动态】智能工程学院开展专题活动——智能工程学院	https://www.cqzyiv.com/info/1029/23088.htm	2月21日
教研活动	1	35	【校园动态】智能工程学院开展专题活动——智能工程学院	https://www.cqzyiv.com/info/1029/23088.htm	2月21日
合计 36
十二月完满汇编目录
板块	数量	序号	标题	链接	日期
校园主页	15	1	【校园动态】智能工程学院开展专题活动——智能工程学院	https://www.cqzyiv.com/info/1029/23088.htm	2月21日
		2	【校园动态】智能工程学院开展专题活动——智能工程学院	https://www.cqzyiv.com/info/1029/23088.htm	2月21日
		3	【校园动态】智能工程学院开展专题活动——智能工程学院	https://www.cqzyiv.com/info/1029/23088.htm	2月21日
		4	【校园动态】智能工程学院开展专题活动——智能工程学院	https://www.cqzyiv.com/info/1029/23088.htm	2月21日
		5	【校园动态】智能工程学院开展专题活动——智能工程学院	https://www.cqzyiv.com/info/1029/23088.htm	2月21日
		6	【校园动态】智能工程学院开展专题活动——智能工程学院	https://www.cqzyiv.com/info/1029/23088.htm	2月21日
		7	【校园动态】智能工程学院开展专题活动——智能工程学院	https://www.cqzyiv.com/info/1029/23088.htm	2月21日
		8	【校园动态】智能工程学院开展专题活动——智能工程学院	https://www.cqzyiv.com/info/1029/23088.htm	2月21日
		9	【校园动态】智能工程学院开展专题活动——智能工程学院	https://www.cqzyiv.com/info/1029/23088.htm	2月21日
		10	【校园动态】智能工程学院开展专题活动——智能工程学院	https://www.cqzyiv.com/info/1029/23088.htm	2月21日
		11	【校园动态】智能工程学院开展专题活动——智能工程学院	https://www.cqzyiv.com/info/1029/23088.htm	2月21日
		12	【校园动态】智能工程学院开展专题活动——智能工程学院	https://www.cqzyiv.com/info/1029/23088.htm	2月21日
		13	【校园动态】智能工程学院开展专题活动——智能工程学院	https://www.cqzyiv.com/info/1029/23088.htm	2月21日
		14	【校园动态】智能工程学院开展专题活动——智能工程学院	https://www.cqzyiv.com/info/1029/23088.htm	2月21日
		15	【校园动态】智能工程学院开展专题活动——智能工程学院	https://www.cqzyiv.com/info/1029/23088.htm	2月21日
志愿服务	3	16	【校园动态】智能工程学院开展专题活动——智能工程学院	https://www.cqzyiv.com/info/1029/23088.htm	2月21日
		17	【校园动态】智能工程学院开展专题活动——智能工程学院	https://www.cqzyiv.com/info/1029/23088.htm	2月21日
		18	【校园动态】智能工程学院开展专题活动——智能工程学院	https://www.cqzyiv.com/info/1029/23088.htm	2月21日
学院风采		19	【校园动态】智能工程学院开展专题活动——智能工程学院	https://www.cqzyiv.com/info/1029/23088.htm	2月21日
新闻活动		20	【校园动态】智能工程学院开展专题活动——智能工程学院	https://www.cqzyiv.com/info/1029/23088.htm	2月21日
学生工作		21	【校园动态】智能工程学院开展专题活动——智能工程学院	https://www.cqzyiv.com/info/1029/23088.htm	2月21日
